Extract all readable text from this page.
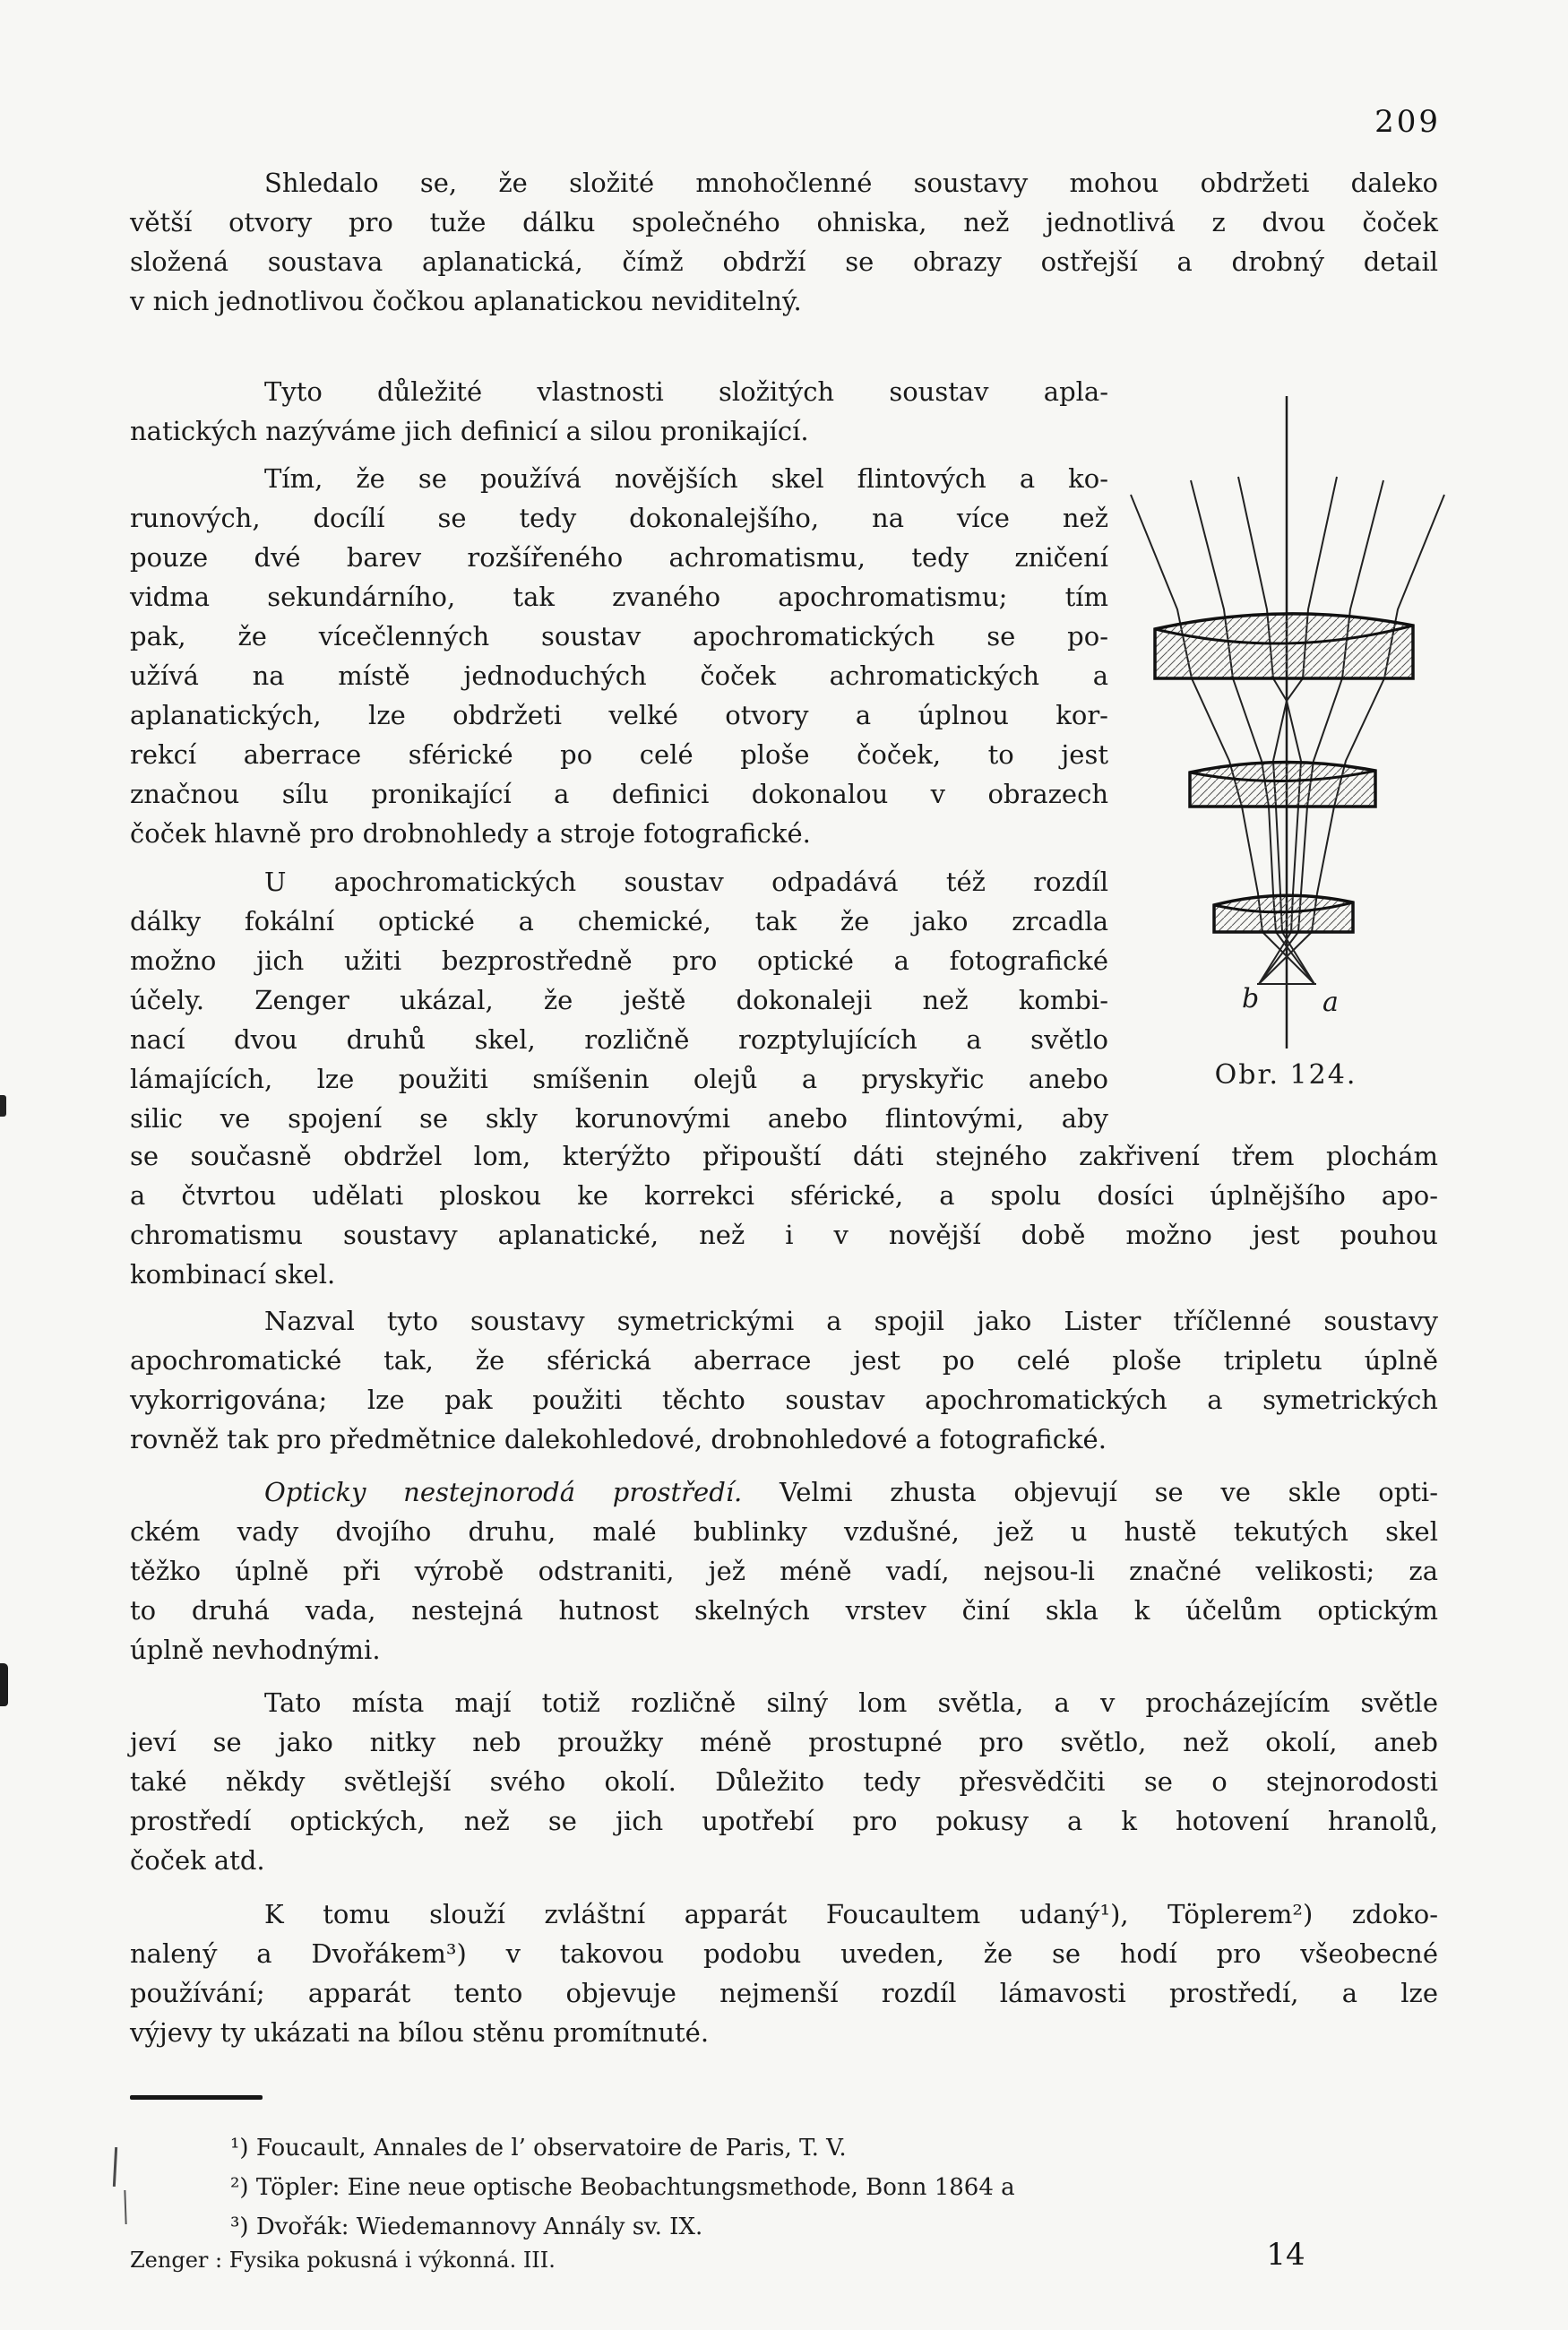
209
Shledalo se, že složité mnohočlenné soustavy mohou obdržeti daleko
větší otvory pro tuže dálku společného ohniska, než jednotlivá z dvou čoček
složená soustava aplanatická, čímž obdrží se obrazy ostřejší a drobný detail
v nich jednotlivou čočkou aplanatickou neviditelný.
Tyto důležité vlastnosti složitých soustav apla-
natických nazýváme jich definicí a silou pronikající.
Tím, že se používá novějších skel flintových a ko-
runových, docílí se tedy dokonalejšího, na více než
pouze dvé barev rozšířeného achromatismu, tedy zničení
vidma sekundárního, tak zvaného apochromatismu; tím
pak, že vícečlenných soustav apochromatických se po-
užívá na místě jednoduchých čoček achromatických a
aplanatických, lze obdržeti velké otvory a úplnou kor-
rekcí aberrace sférické po celé ploše čoček, to jest
značnou sílu pronikající a definici dokonalou v obrazech
čoček hlavně pro drobnohledy a stroje fotografické.
U apochromatických soustav odpadává též rozdíl
dálky fokální optické a chemické, tak že jako zrcadla
možno jich užiti bezprostředně pro optické a fotografické
účely. Zenger ukázal, že ještě dokonaleji než kombi-
nací dvou druhů skel, rozličně rozptylujících a světlo
lámajících, lze použiti smíšenin olejů a pryskyřic anebo
silic ve spojení se skly korunovými anebo flintovými, aby
se současně obdržel lom, kterýžto připouští dáti stejného zakřivení třem plochám
a čtvrtou udělati ploskou ke korrekci sférické, a spolu dosíci úplnějšího apo-
chromatismu soustavy aplanatické, než i v novější době možno jest pouhou
kombinací skel.
Nazval tyto soustavy symetrickými a spojil jako Lister tříčlenné soustavy
apochromatické tak, že sférická aberrace jest po celé ploše tripletu úplně
vykorrigována; lze pak použiti těchto soustav apochromatických a symetrických
rovněž tak pro předmětnice dalekohledové, drobnohledové a fotografické.
Opticky nestejnorodá prostředí. Velmi zhusta objevují se ve skle opti-
ckém vady dvojího druhu, malé bublinky vzdušné, jež u hustě tekutých skel
těžko úplně při výrobě odstraniti, jež méně vadí, nejsou-li značné velikosti; za
to druhá vada, nestejná hutnost skelných vrstev činí skla k účelům optickým
úplně nevhodnými.
Tato místa mají totiž rozličně silný lom světla, a v procházejícím světle
jeví se jako nitky neb proužky méně prostupné pro světlo, než okolí, aneb
také někdy světlejší svého okolí. Důležito tedy přesvědčiti se o stejnorodosti
prostředí optických, než se jich upotřebí pro pokusy a k hotovení hranolů,
čoček atd.
K tomu slouží zvláštní apparát Foucaultem udaný¹), Töplerem²) zdoko-
nalený a Dvořákem³) v takovou podobu uveden, že se hodí pro všeobecné
používání; apparát tento objevuje nejmenší rozdíl lámavosti prostředí, a lze
výjevy ty ukázati na bílou stěnu promítnuté.
b a
Obr. 124.
¹) Foucault, Annales de l’ observatoire de Paris, T. V.
²) Töpler: Eine neue optische Beobachtungsmethode, Bonn 1864 a
³) Dvořák: Wiedemannovy Annály sv. IX.
Zenger : Fysika pokusná i výkonná. III.	14
